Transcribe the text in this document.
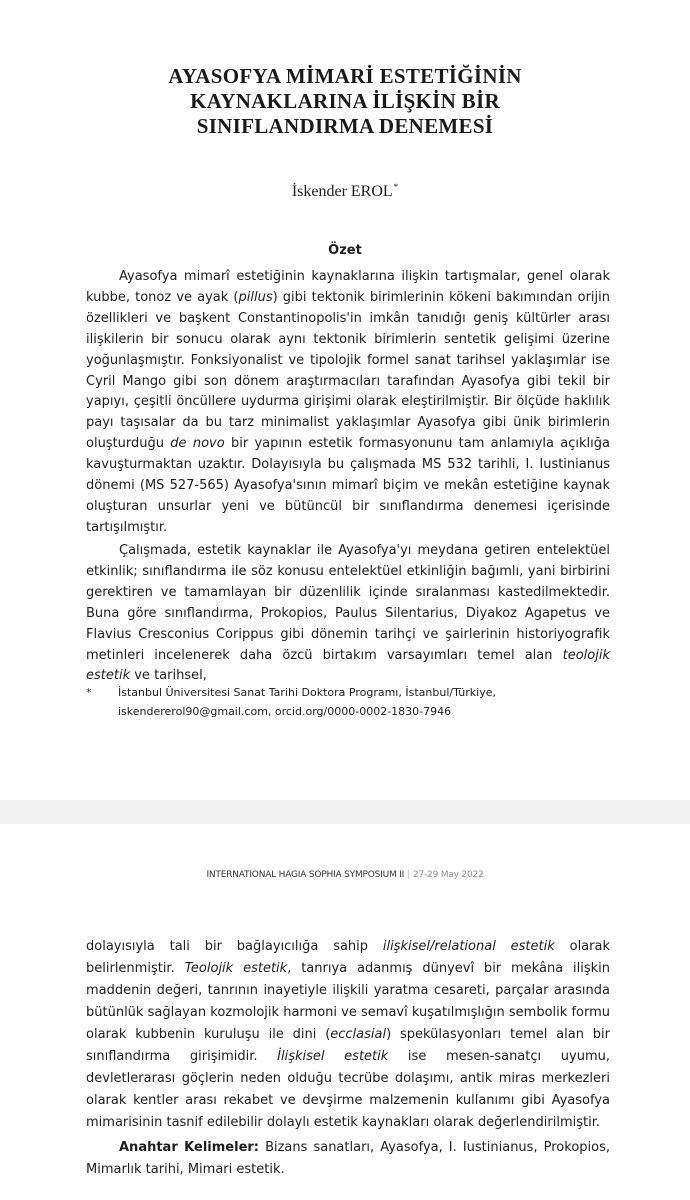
AYASOFYA MİMARİ ESTETİĞİNİN
KAYNAKLARINA İLİŞKİN BİR
SINIFLANDIRMA DENEMESİ
İskender EROL*
Özet

Ayasofya mimarî estetiğinin kaynaklarına ilişkin tartışmalar, genel olarak kubbe, tonoz ve ayak (pillus) gibi tektonik birimlerinin kökeni bakımından orijin özellikleri ve başkent Constantinopolis'in imkân tanıdığı geniş kültürler arası ilişkilerin bir sonucu olarak aynı tektonik birimlerin sentetik gelişimi üzerine yoğunlaşmıştır. Fonksiyonalist ve tipolojik formel sanat tarihsel yaklaşımlar ise Cyril Mango gibi son dönem araştırmacıları tarafından Ayasofya gibi tekil bir yapıyı, çeşitli öncüllere uydurma girişimi olarak eleştirilmiştir. Bir ölçüde haklılık payı taşısalar da bu tarz minimalist yaklaşımlar Ayasofya gibi ünik birimlerin oluşturduğu de novo bir yapının estetik formasyonunu tam anlamıyla açıklığa kavuşturmaktan uzaktır. Dolayısıyla bu çalışmada MS 532 tarihli, I. Iustinianus dönemi (MS 527-565) Ayasofya'sının mimarî biçim ve mekân estetiğine kaynak oluşturan unsurlar yeni ve bütüncül bir sınıflandırma denemesi içerisinde tartışılmıştır.

Çalışmada, estetik kaynaklar ile Ayasofya'yı meydana getiren entelektüel etkinlik; sınıflandırma ile söz konusu entelektüel etkinliğin bağımlı, yani birbirini gerektiren ve tamamlayan bir düzenlilik içinde sıralanması kastedilmektedir. Buna göre sınıflandırma, Prokopios, Paulus Silentarius, Diyakoz Agapetus ve Flavius Cresconius Corippus gibi dönemin tarihçi ve şairlerinin historiyografik metinleri incelenerek daha özcü birtakım varsayımları temel alan teolojik estetik ve tarihsel,

* İstanbul Üniversitesi Sanat Tarihi Doktora Programı, İstanbul/Türkiye, iskendererol90@gmail.com, orcid.org/0000-0002-1830-7946
INTERNATIONAL HAGIA SOPHIA SYMPOSIUM II | 27-29 May 2022

dolayısıyla tali bir bağlayıcılığa sahip ilişkisel/relational estetik olarak belirlenmiştir. Teolojik estetik, tanrıya adanmış dünyevî bir mekâna ilişkin maddenin değeri, tanrının inayetiyle ilişkili yaratma cesareti, parçalar arasında bütünlük sağlayan kozmolojik harmoni ve semavî kuşatılmışlığın sembolik formu olarak kubbenin kuruluşu ile dini (ecclasial) spekülasyonları temel alan bir sınıflandırma girişimidir. İlişkisel estetik ise mesen-sanatçı uyumu, devletlerarası göçlerin neden olduğu tecrübe dolaşımı, antik miras merkezleri olarak kentler arası rekabet ve devşirme malzemenin kullanımı gibi Ayasofya mimarisinin tasnif edilebilir dolaylı estetik kaynakları olarak değerlendirilmiştir.

Anahtar Kelimeler: Bizans sanatları, Ayasofya, I. Iustinianus, Prokopios, Mimarlık tarihi, Mimari estetik.
